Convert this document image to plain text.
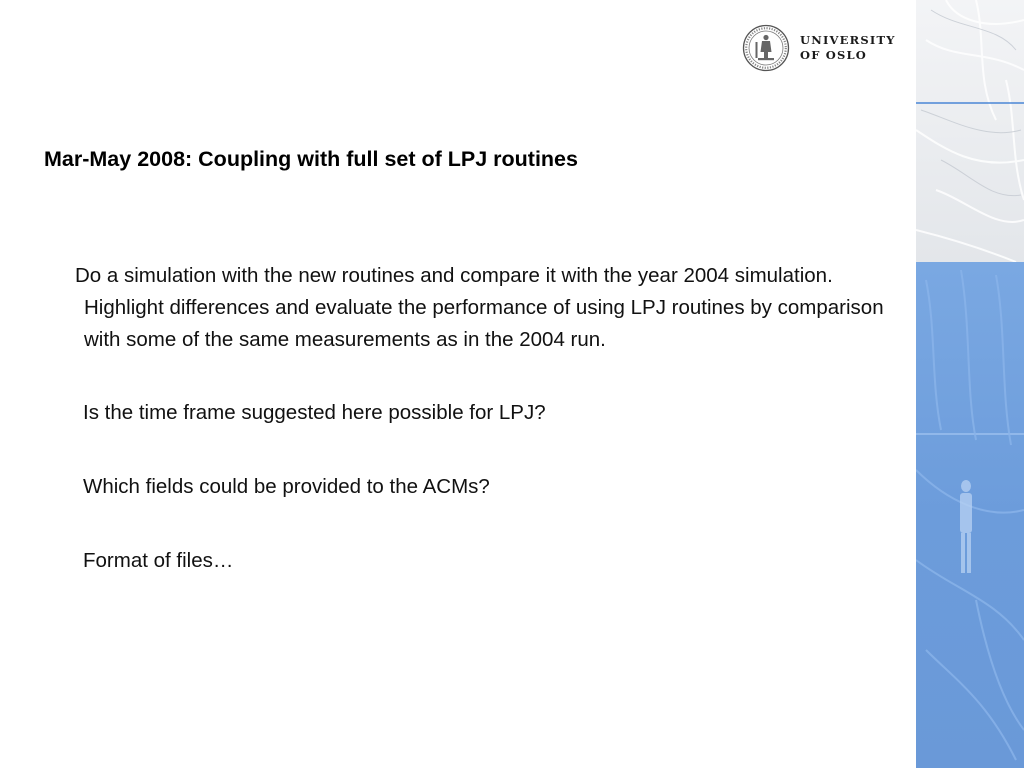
UNIVERSITY
OF OSLO
Mar-May 2008: Coupling with full set of LPJ routines

Do a simulation with the new routines and compare it with the year 2004 simulation. Highlight differences and evaluate the performance of using LPJ routines by comparison with some of the same measurements as in the 2004 run.

Is the time frame suggested here possible for LPJ?

Which fields could be provided to the ACMs?

Format of files…
